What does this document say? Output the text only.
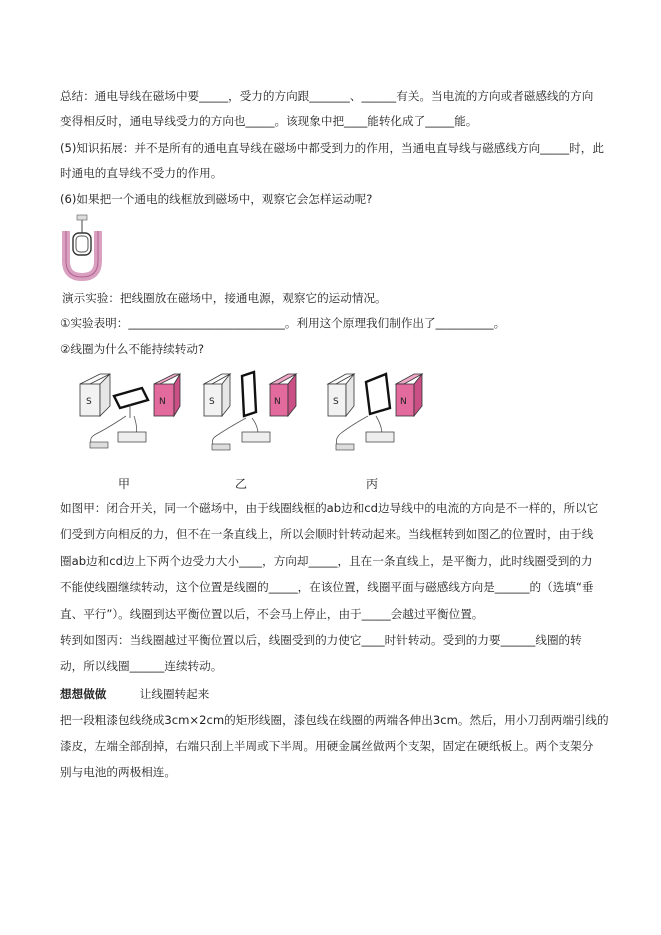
总结：通电导线在磁场中要_____，受力的方向跟_______、______有关。当电流的方向或者磁感线的方向
变得相反时，通电导线受力的方向也_____。该现象中把____能转化成了_____能。
(5)知识拓展：并不是所有的通电直导线在磁场中都受到力的作用，当通电直导线与磁感线方向_____时，此
时通电的直导线不受力的作用。
(6)如果把一个通电的线框放到磁场中，观察它会怎样运动呢?
演示实验：把线圈放在磁场中，接通电源，观察它的运动情况。
①实验表明：___________________________。利用这个原理我们制作出了__________。
②线圈为什么不能持续转动?
S	N
甲
S	N
乙
S	N
丙
如图甲：闭合开关，同一个磁场中，由于线圈线框的ab边和cd边导线中的电流的方向是不一样的，所以它
们受到方向相反的力，但不在一条直线上，所以会顺时针转动起来。当线框转到如图乙的位置时，由于线
圈ab边和cd边上下两个边受力大小____，方向却_____，且在一条直线上，是平衡力，此时线圈受到的力
不能使线圈继续转动，这个位置是线圈的_____，在该位置，线圈平面与磁感线方向是______的（选填“垂
直、平行”）。线圈到达平衡位置以后，不会马上停止，由于_____会越过平衡位置。
转到如图丙：当线圈越过平衡位置以后，线圈受到的力使它____时针转动。受到的力要______线圈的转
动，所以线圈______连续转动。
想想做做	让线圈转起来
把一段粗漆包线绕成3cm×2cm的矩形线圈，漆包线在线圈的两端各伸出3cm。然后，用小刀刮两端引线的
漆皮，左端全部刮掉，右端只刮上半周或下半周。用硬金属丝做两个支架，固定在硬纸板上。两个支架分
别与电池的两极相连。
